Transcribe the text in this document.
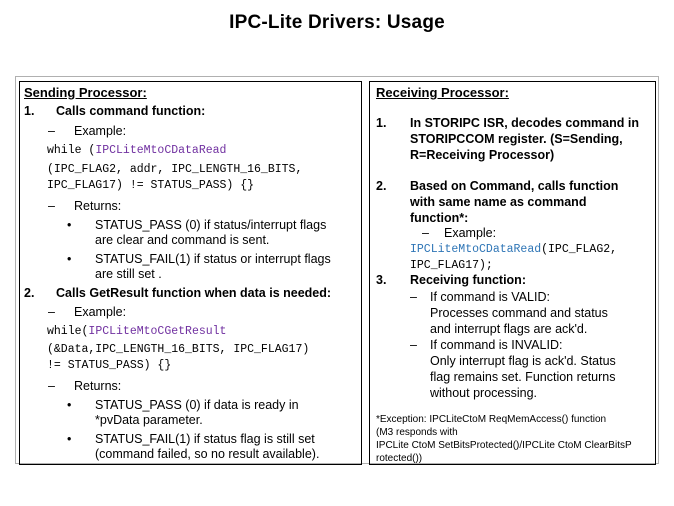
IPC-Lite Drivers: Usage
Sending Processor:
1. Calls command function:
– Example:
while (IPCLiteMtoCDataRead
(IPC_FLAG2, addr, IPC_LENGTH_16_BITS,
IPC_FLAG17) != STATUS_PASS) {}
– Returns:
• STATUS_PASS (0) if status/interrupt flags
are clear and command is sent.
• STATUS_FAIL(1) if status or interrupt flags
are still set .
2. Calls GetResult function when data is needed:
– Example:
while(IPCLiteMtoCGetResult
(&Data,IPC_LENGTH_16_BITS, IPC_FLAG17)
!= STATUS_PASS) {}
– Returns:
• STATUS_PASS (0) if data is ready in
*pvData parameter.
• STATUS_FAIL(1) if status flag is still set
(command failed, so no result available).
Receiving Processor:
1. In STORIPC ISR, decodes command in
STORIPCCOM register. (S=Sending,
R=Receiving Processor)
2. Based on Command, calls function
with same name as command
function*:
– Example:
IPCLiteMtoCDataRead(IPC_FLAG2,
IPC_FLAG17);
3. Receiving function:
– If command is VALID:
Processes command and status
and interrupt flags are ack'd.
– If command is INVALID:
Only interrupt flag is ack'd. Status
flag remains set. Function returns
without processing.
*Exception: IPCLiteCtoM ReqMemAccess() function
(M3 responds with
IPCLite CtoM SetBitsProtected()/IPCLite CtoM ClearBitsP
rotected())
